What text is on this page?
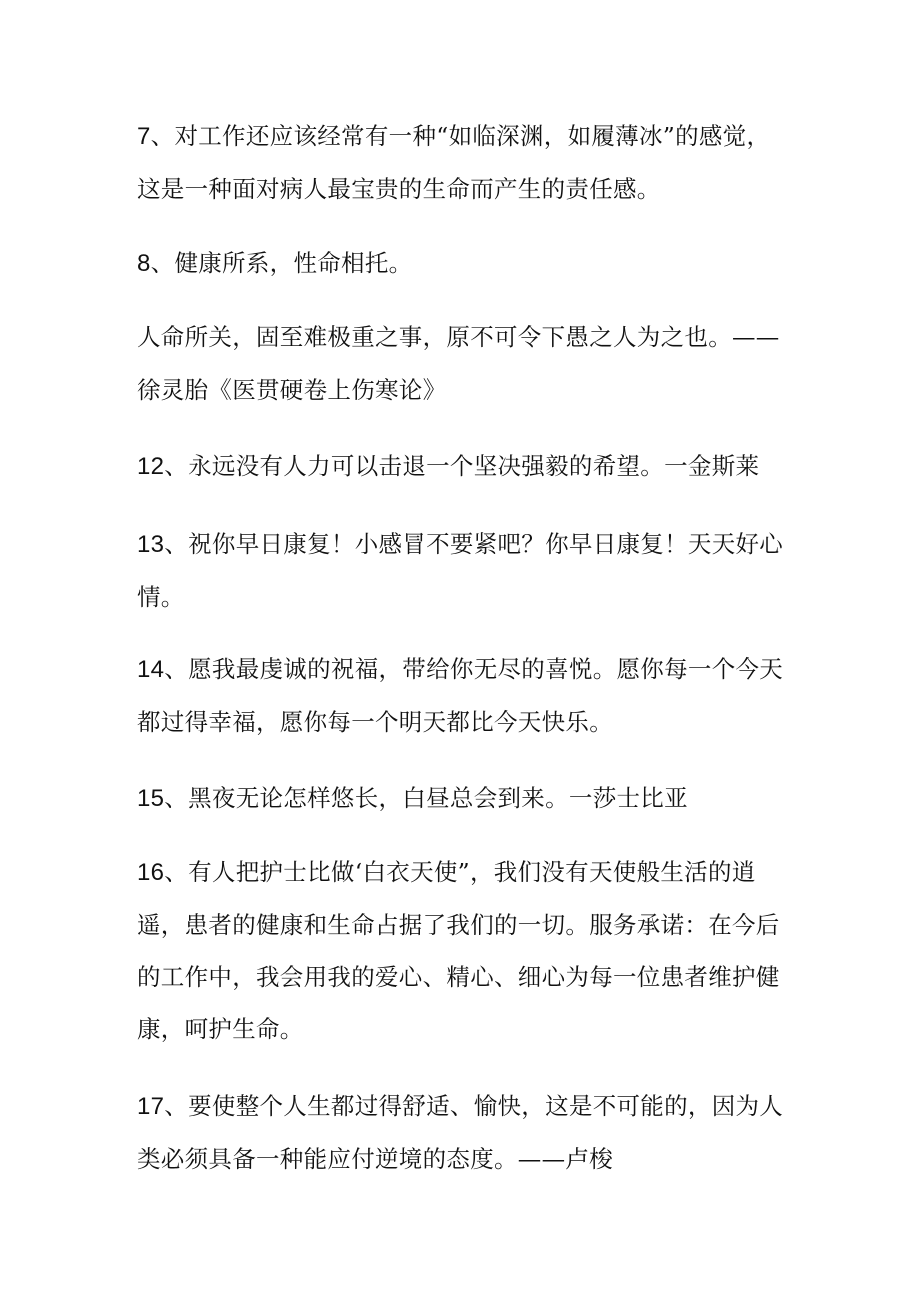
7、对工作还应该经常有一种“如临深渊，如履薄冰”的感觉，这是一种面对病人最宝贵的生命而产生的责任感。

8、健康所系，性命相托。

人命所关，固至难极重之事，原不可令下愚之人为之也。——徐灵胎《医贯硬卷上伤寒论》

12、永远没有人力可以击退一个坚决强毅的希望。一金斯莱

13、祝你早日康复！小感冒不要紧吧？你早日康复！天天好心情。

14、愿我最虔诚的祝福，带给你无尽的喜悦。愿你每一个今天都过得幸福，愿你每一个明天都比今天快乐。

15、黑夜无论怎样悠长，白昼总会到来。一莎士比亚

16、有人把护士比做‘白衣天使”，我们没有天使般生活的逍遥，患者的健康和生命占据了我们的一切。服务承诺：在今后的工作中，我会用我的爱心、精心、细心为每一位患者维护健康，呵护生命。

17、要使整个人生都过得舒适、愉快，这是不可能的，因为人类必须具备一种能应付逆境的态度。——卢梭
